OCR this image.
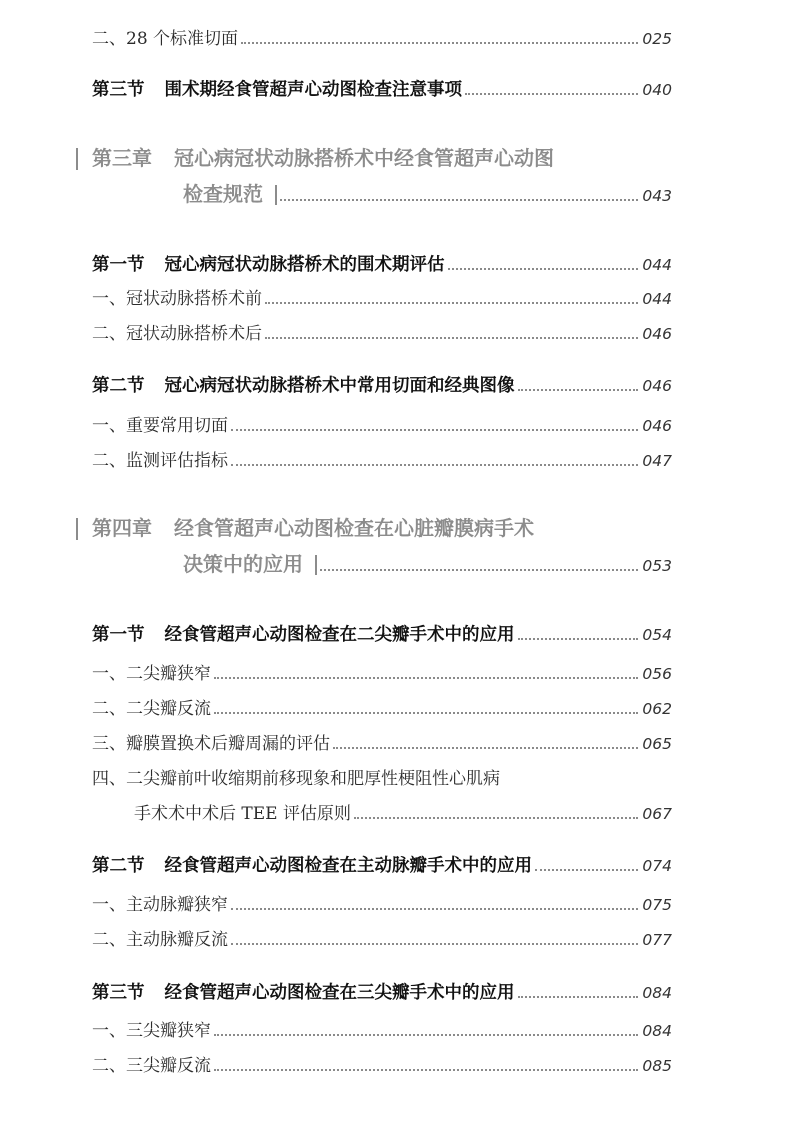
二、28 个标准切面	025
第三节 围术期经食管超声心动图检查注意事项	040
第三章 冠心病冠状动脉搭桥术中经食管超声心动图
检查规范	043
第一节 冠心病冠状动脉搭桥术的围术期评估	044
一、冠状动脉搭桥术前	044
二、冠状动脉搭桥术后	046
第二节 冠心病冠状动脉搭桥术中常用切面和经典图像	046
一、重要常用切面	046
二、监测评估指标	047
第四章 经食管超声心动图检查在心脏瓣膜病手术
决策中的应用	053
第一节 经食管超声心动图检查在二尖瓣手术中的应用	054
一、二尖瓣狭窄	056
二、二尖瓣反流	062
三、瓣膜置换术后瓣周漏的评估	065
四、二尖瓣前叶收缩期前移现象和肥厚性梗阻性心肌病
手术术中术后 TEE 评估原则	067
第二节 经食管超声心动图检查在主动脉瓣手术中的应用	074
一、主动脉瓣狭窄	075
二、主动脉瓣反流	077
第三节 经食管超声心动图检查在三尖瓣手术中的应用	084
一、三尖瓣狭窄	084
二、三尖瓣反流	085
